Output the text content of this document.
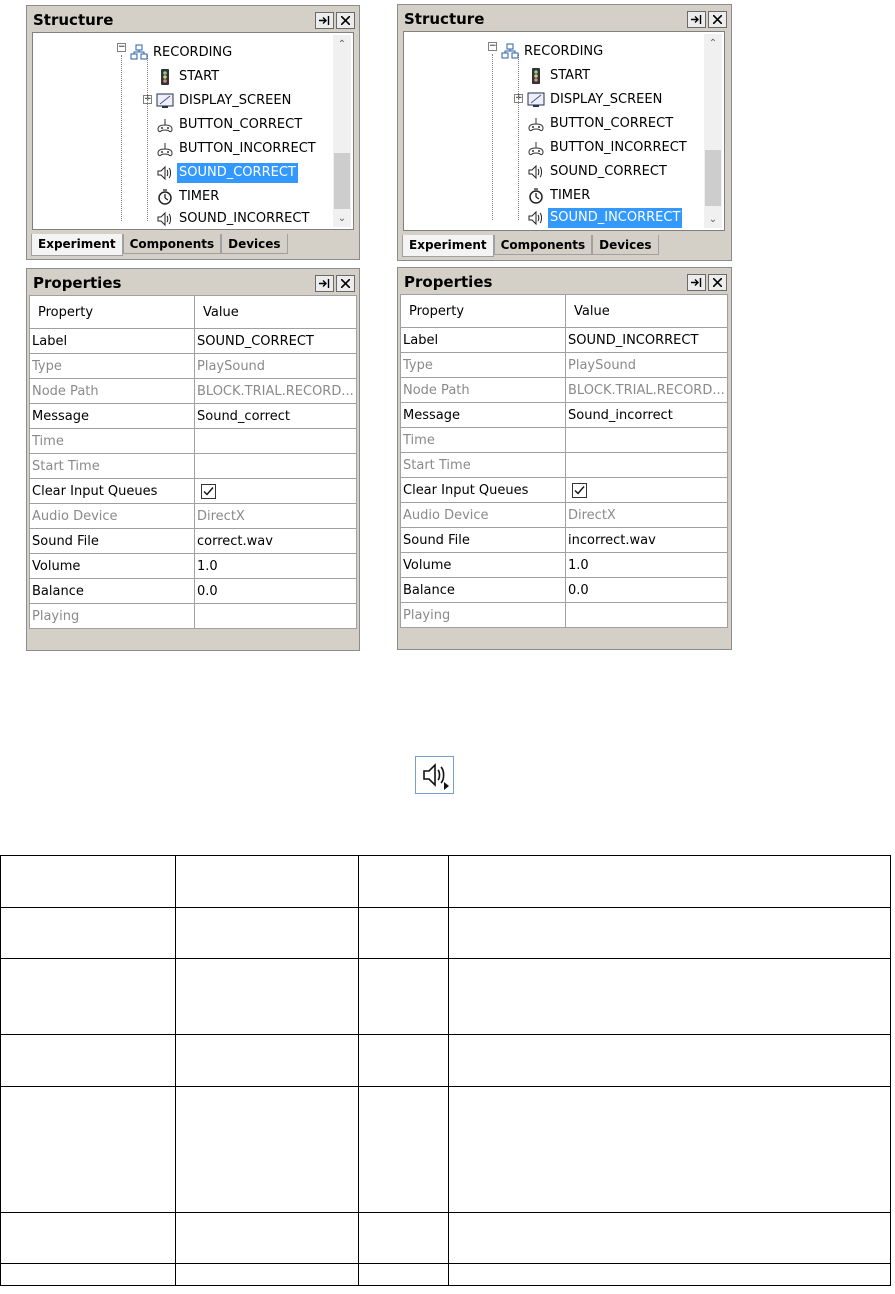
Structure
−
+
RECORDING
START
DISPLAY_SCREEN
BUTTON_CORRECT
BUTTON_INCORRECT
SOUND_CORRECT
TIMER
SOUND_INCORRECT
⌃
⌄
Experiment	Components	Devices
Structure
−
+
RECORDING
START
DISPLAY_SCREEN
BUTTON_CORRECT
BUTTON_INCORRECT
SOUND_CORRECT
TIMER
SOUND_INCORRECT
⌃
⌄
Experiment	Components	Devices
Properties
Property	Value
Label	SOUND_CORRECT
Type	PlaySound
Node Path	BLOCK.TRIAL.RECORD...
Message	Sound_correct
Time	
Start Time	
Clear Input Queues	
Audio Device	DirectX
Sound File	correct.wav
Volume	1.0
Balance	0.0
Playing	
Properties
Property	Value
Label	SOUND_INCORRECT
Type	PlaySound
Node Path	BLOCK.TRIAL.RECORD...
Message	Sound_incorrect
Time	
Start Time	
Clear Input Queues	
Audio Device	DirectX
Sound File	incorrect.wav
Volume	1.0
Balance	0.0
Playing	
